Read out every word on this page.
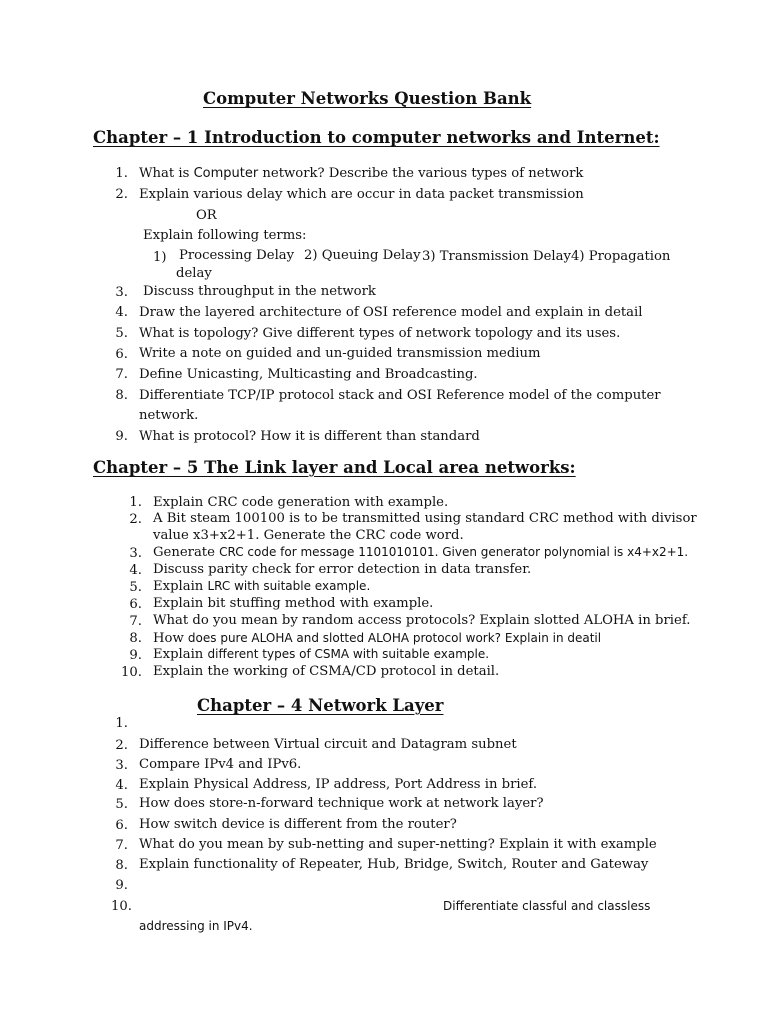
Computer Networks Question Bank
Chapter – 1 Introduction to computer networks and Internet:
1. What is Computer network? Describe the various types of network
2. Explain various delay which are occur in data packet transmission
OR
Explain following terms:
1) Processing Delay 2) Queuing Delay 3) Transmission Delay 4) Propagation
delay
3. Discuss throughput in the network
4. Draw the layered architecture of OSI reference model and explain in detail
5. What is topology? Give different types of network topology and its uses.
6. Write a note on guided and un-guided transmission medium
7. Define Unicasting, Multicasting and Broadcasting.
8. Differentiate TCP/IP protocol stack and OSI Reference model of the computer
network.
9. What is protocol? How it is different than standard
Chapter – 5 The Link layer and Local area networks:
1. Explain CRC code generation with example.
2. A Bit steam 100100 is to be transmitted using standard CRC method with divisor
value x3+x2+1. Generate the CRC code word.
3. Generate CRC code for message 1101010101. Given generator polynomial is x4+x2+1.
4. Discuss parity check for error detection in data transfer.
5. Explain LRC with suitable example.
6. Explain bit stuffing method with example.
7. What do you mean by random access protocols? Explain slotted ALOHA in brief.
8. How does pure ALOHA and slotted ALOHA protocol work? Explain in deatil
9. Explain different types of CSMA with suitable example.
10. Explain the working of CSMA/CD protocol in detail.
Chapter – 4 Network Layer
1.
2. Difference between Virtual circuit and Datagram subnet
3. Compare IPv4 and IPv6.
4. Explain Physical Address, IP address, Port Address in brief.
5. How does store-n-forward technique work at network layer?
6. How switch device is different from the router?
7. What do you mean by sub-netting and super-netting? Explain it with example
8. Explain functionality of Repeater, Hub, Bridge, Switch, Router and Gateway
9.
10.	Differentiate classful and classless
addressing in IPv4.
